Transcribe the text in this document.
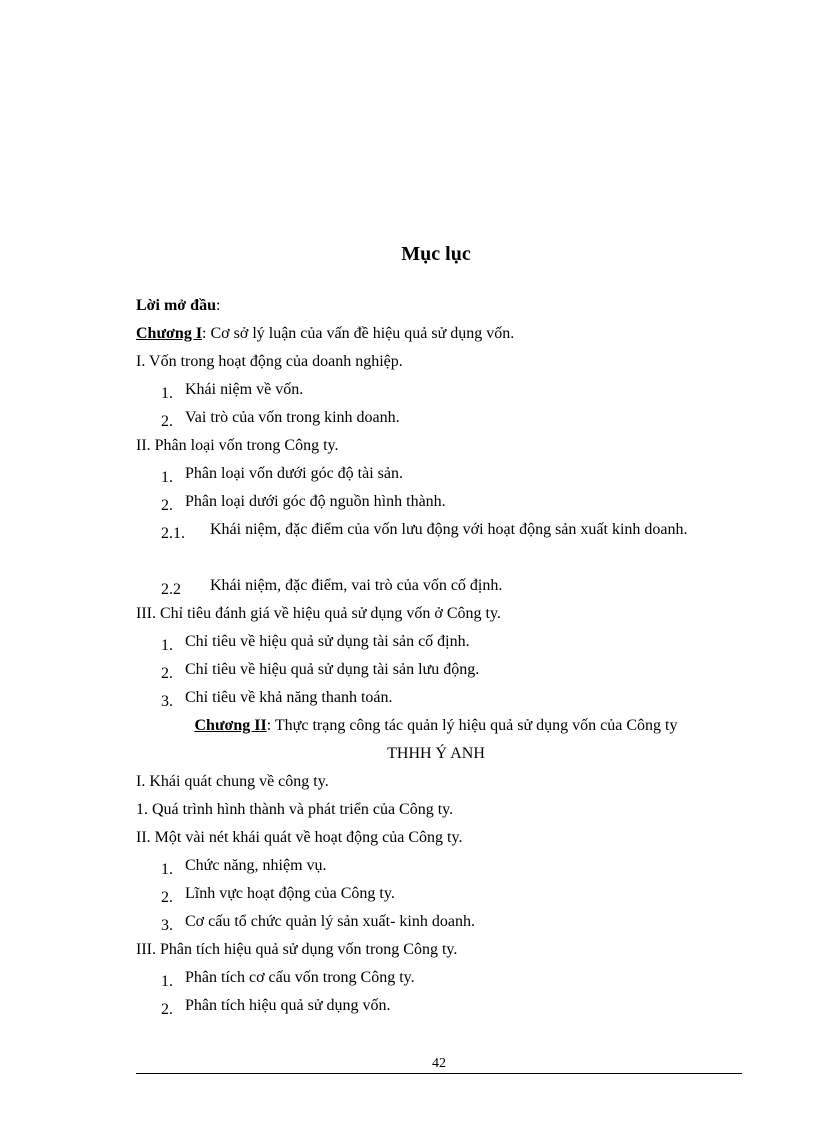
Mục lục
Lời mở đầu:
Chương I: Cơ sở lý luận của vấn đề hiệu quả sử dụng vốn.
I. Vốn trong hoạt động của doanh nghiệp.
1. Khái niệm về vốn.
2. Vai trò của vốn trong kinh doanh.
II. Phân loại vốn trong Công ty.
1. Phân loại vốn dưới góc độ tài sản.
2. Phân loại dưới góc độ nguồn hình thành.
2.1. Khái niệm, đặc điểm của vốn lưu động với hoạt động sản xuất kinh doanh.
2.2 Khái niệm, đặc điểm, vai trò của vốn cố định.
III. Chỉ tiêu đánh giá về hiệu quả sử dụng vốn ở Công ty.
1. Chỉ tiêu về hiệu quả sử dụng tài sản cố định.
2. Chỉ tiêu về hiệu quả sử dụng tài sản lưu động.
3. Chỉ tiêu về khả năng thanh toán.
Chương II: Thực trạng công tác quản lý hiệu quả sử dụng vốn của Công ty
THHH Ý ANH
I. Khái quát chung về công ty.
1. Quá trình hình thành và phát triển của Công ty.
II. Một vài nét khái quát về hoạt động của Công ty.
1. Chức năng, nhiệm vụ.
2. Lĩnh vực hoạt động của Công ty.
3. Cơ cấu tổ chức quản lý sản xuất- kinh doanh.
III. Phân tích hiệu quả sử dụng vốn trong Công ty.
1. Phân tích cơ cấu vốn trong Công ty.
2. Phân tích hiệu quả sử dụng vốn.
42
